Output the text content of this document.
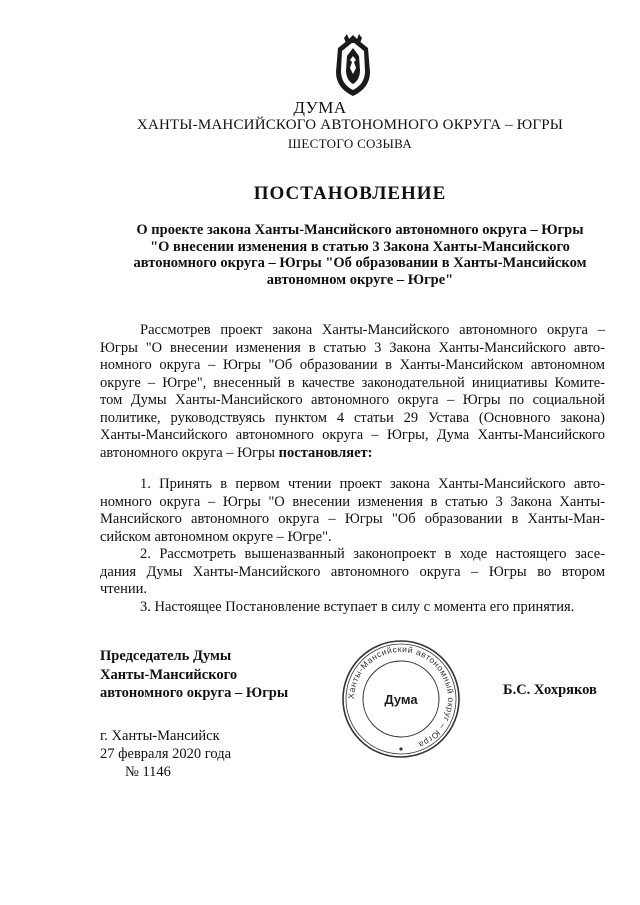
ДУМА
ХАНТЫ-МАНСИЙСКОГО АВТОНОМНОГО ОКРУГА – ЮГРЫ
ШЕСТОГО СОЗЫВА
ПОСТАНОВЛЕНИЕ
О проекте закона Ханты-Мансийского автономного округа – Югры
"О внесении изменения в статью 3 Закона Ханты-Мансийского
автономного округа – Югры "Об образовании в Ханты-Мансийском
автономном округе – Югре"
Рассмотрев проект закона Ханты-Мансийского автономного округа –
Югры "О внесении изменения в статью 3 Закона Ханты-Мансийского авто-
номного округа – Югры "Об образовании в Ханты-Мансийском автономном
округе – Югре", внесенный в качестве законодательной инициативы Комите-
том Думы Ханты-Мансийского автономного округа – Югры по социальной
политике, руководствуясь пунктом 4 статьи 29 Устава (Основного закона)
Ханты-Мансийского автономного округа – Югры, Дума Ханты-Мансийского
автономного округа – Югры постановляет:
1. Принять в первом чтении проект закона Ханты-Мансийского авто-
номного округа – Югры "О внесении изменения в статью 3 Закона Ханты-
Мансийского автономного округа – Югры "Об образовании в Ханты-Ман-
сийском автономном округе – Югре".
2. Рассмотреть вышеназванный законопроект в ходе настоящего засе-
дания Думы Ханты-Мансийского автономного округа – Югры во втором
чтении.
3. Настоящее Постановление вступает в силу с момента его принятия.
Председатель Думы
Ханты-Мансийского
автономного округа – Югры	Ханты-Мансийский автономный округ – Югра
Дума
Б.С. Хохряков
г. Ханты-Мансийск
27 февраля 2020 года
№ 1146
